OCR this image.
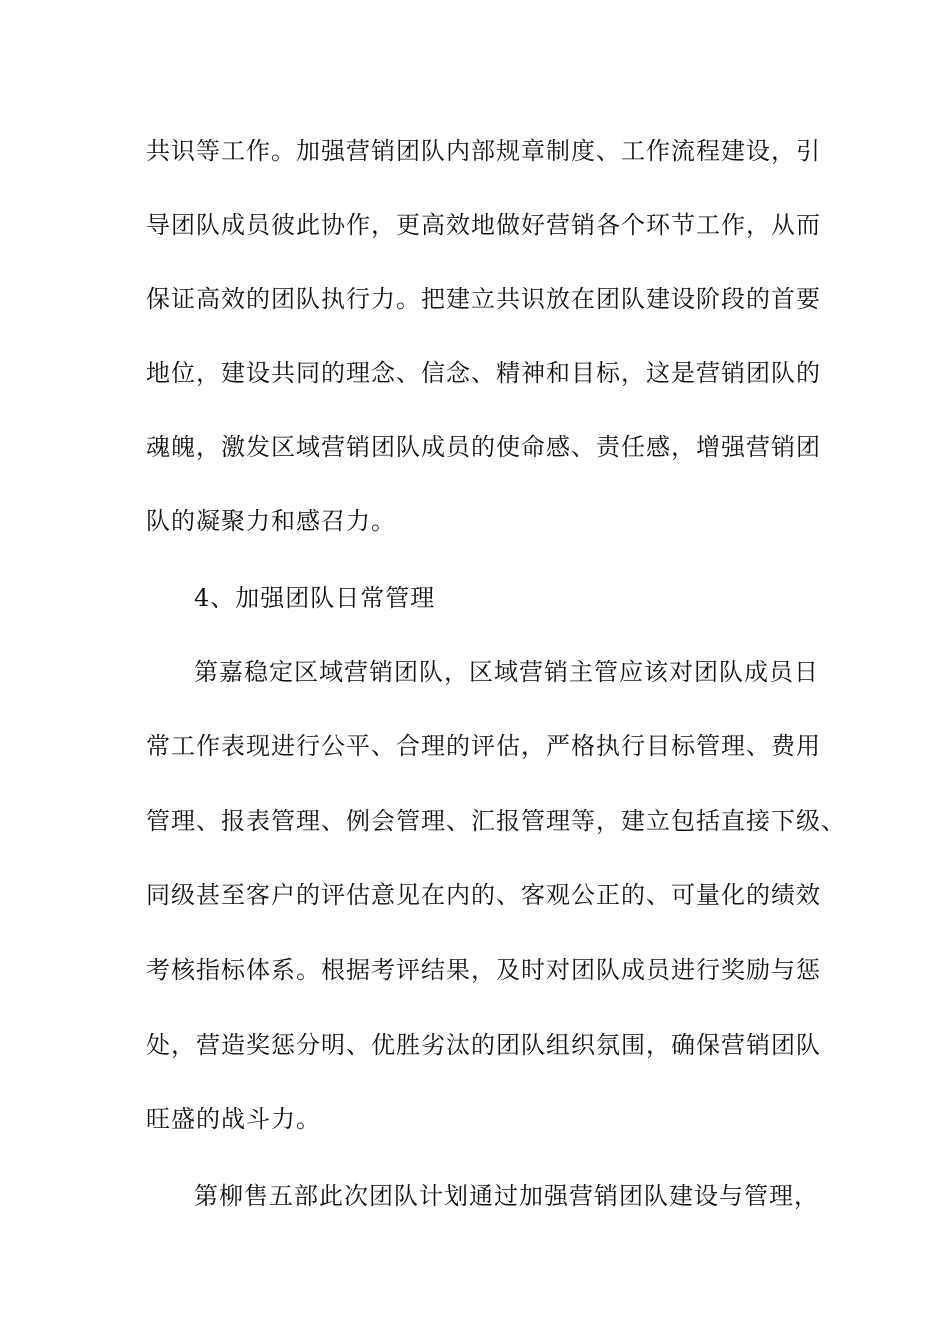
共识等工作。加强营销团队内部规章制度、工作流程建设，引
导团队成员彼此协作，更高效地做好营销各个环节工作，从而
保证高效的团队执行力。把建立共识放在团队建设阶段的首要
地位，建设共同的理念、信念、精神和目标，这是营销团队的
魂魄，激发区域营销团队成员的使命感、责任感，增强营销团
队的凝聚力和感召力。
4、加强团队日常管理
第嘉稳定区域营销团队，区域营销主管应该对团队成员日
常工作表现进行公平、合理的评估，严格执行目标管理、费用
管理、报表管理、例会管理、汇报管理等，建立包括直接下级、
同级甚至客户的评估意见在内的、客观公正的、可量化的绩效
考核指标体系。根据考评结果，及时对团队成员进行奖励与惩
处，营造奖惩分明、优胜劣汰的团队组织氛围，确保营销团队
旺盛的战斗力。
第柳售五部此次团队计划通过加强营销团队建设与管理，
